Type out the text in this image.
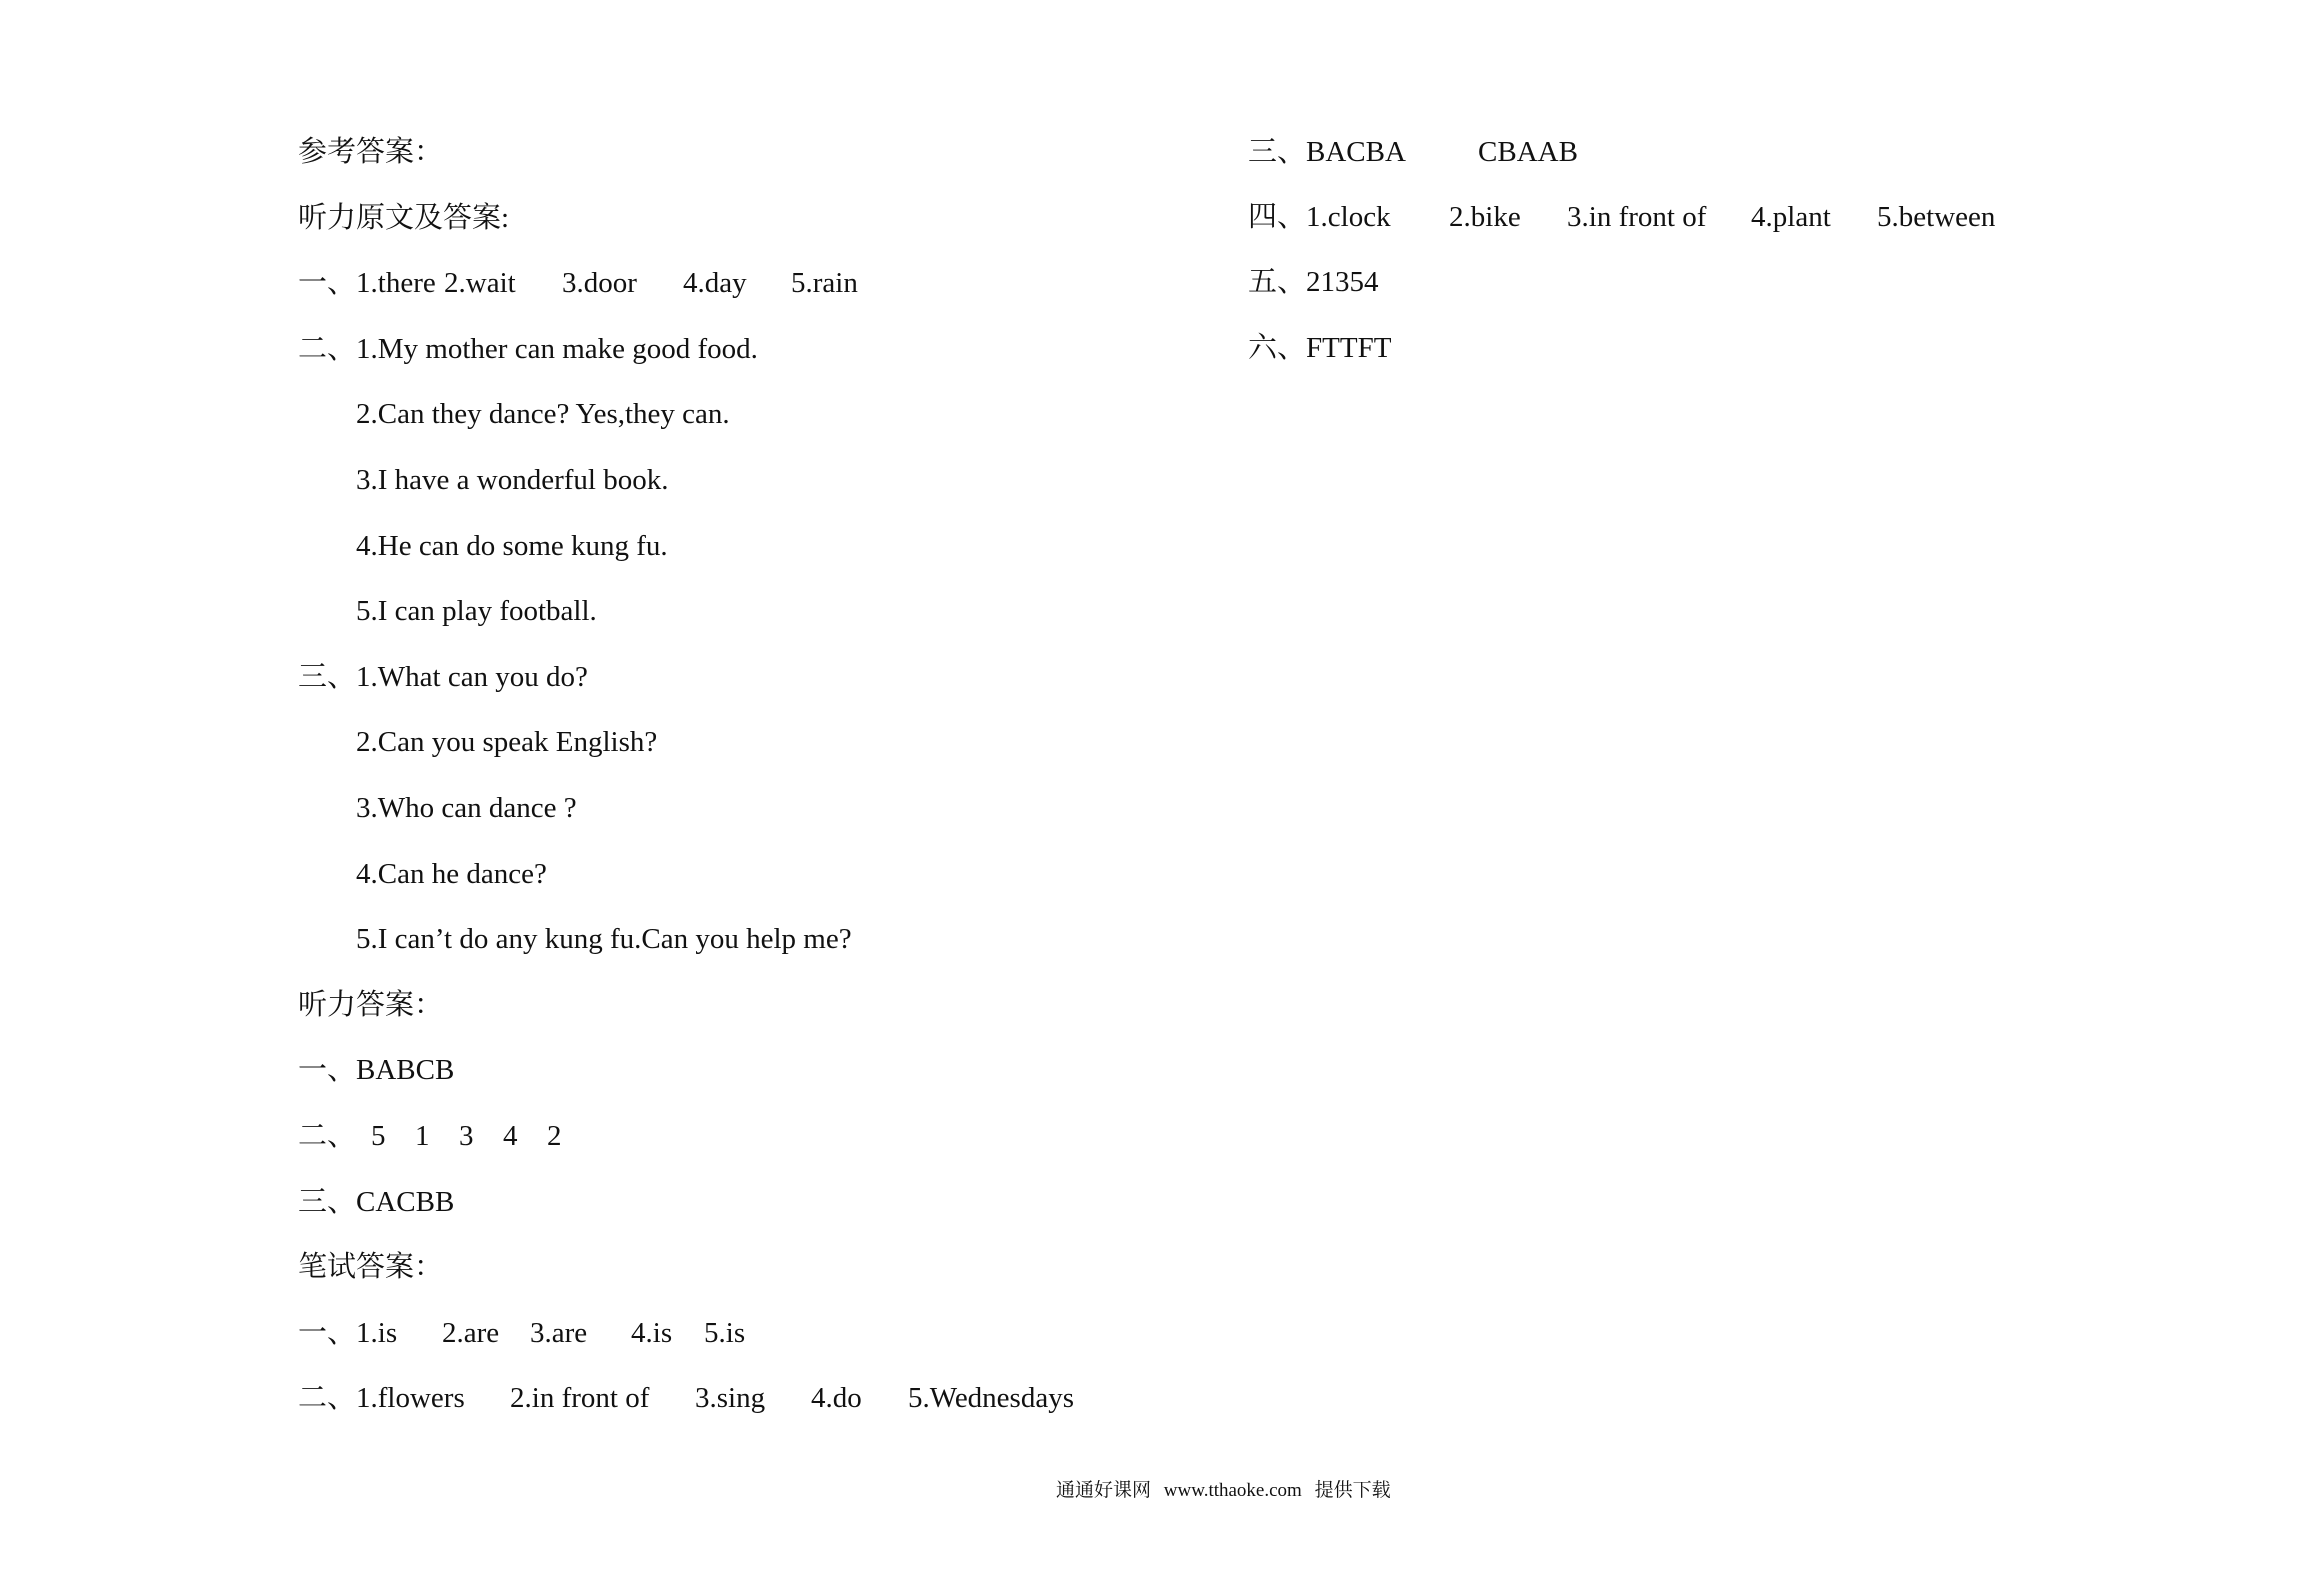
参考答案：
听力原文及答案:
一、1.there 2.wait 3.door 4.day 5.rain
二、1.My mother can make good food.
2.Can they dance? Yes,they can.
3.I have a wonderful book.
4.He can do some kung fu.
5.I can play football.
三、1.What can you do?
2.Can you speak English?
3.Who can dance ?
4.Can he dance?
5.I can’t do any kung fu.Can you help me?
听力答案：
一、BABCB
二、 5 1 3 4 2
三、CACBB
笔试答案：
一、1.is 2.are 3.are 4.is 5.is
二、1.flowers 2.in front of 3.sing 4.do 5.Wednesdays
三、BACBA CBAAB
四、1.clock 2.bike 3.in front of 4.plant 5.between
五、21354
六、FTTFT
通通好课网 www.tthaoke.com 提供下载
